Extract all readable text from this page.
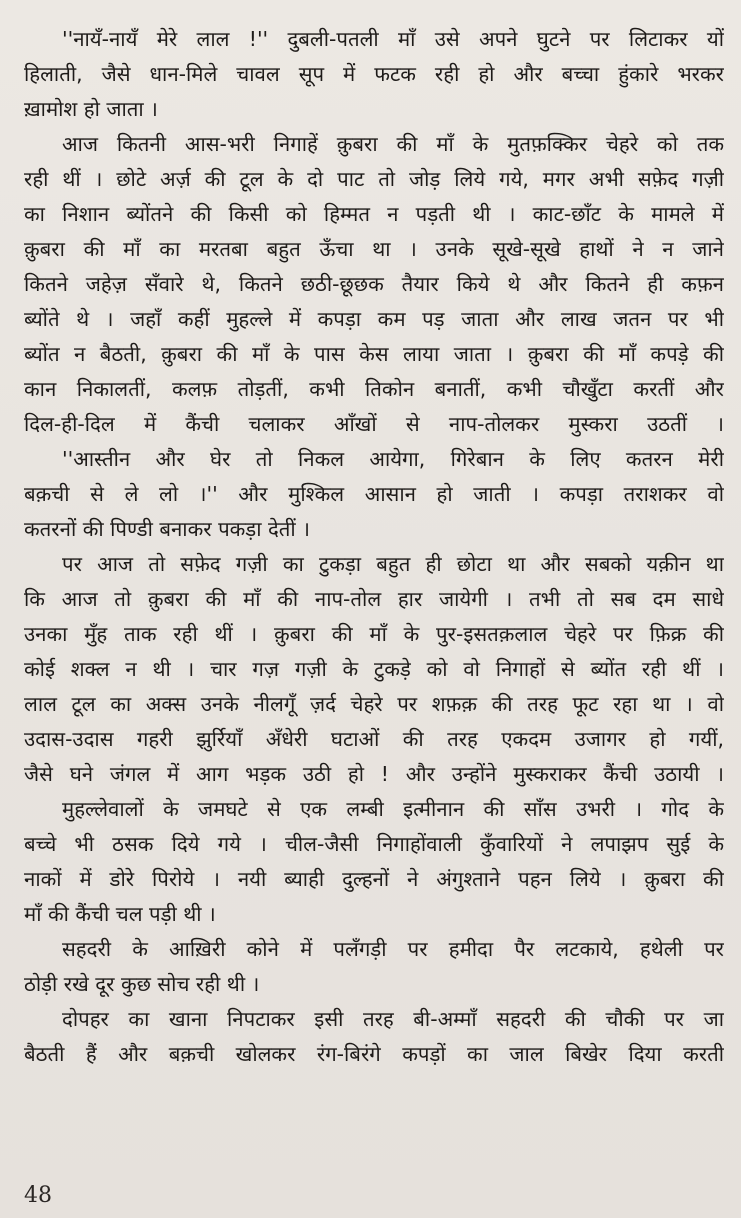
''नायँ-नायँ मेरे लाल !'' दुबली-पतली माँ उसे अपने घुटने पर लिटाकर यों
हिलाती, जैसे धान-मिले चावल सूप में फटक रही हो और बच्चा हुंकारे भरकर
ख़ामोश हो जाता ।
आज कितनी आस-भरी निगाहें क़ुबरा की माँ के मुतफ़क्किर चेहरे को तक
रही थीं । छोटे अर्ज़ की टूल के दो पाट तो जोड़ लिये गये, मगर अभी सफ़ेद गज़ी
का निशान ब्योंतने की किसी को हिम्मत न पड़ती थी । काट-छाँट के मामले में
क़ुबरा की माँ का मरतबा बहुत ऊँचा था । उनके सूखे-सूखे हाथों ने न जाने
कितने जहेज़ सँवारे थे, कितने छठी-छूछक तैयार किये थे और कितने ही कफ़न
ब्योंते थे । जहाँ कहीं मुहल्ले में कपड़ा कम पड़ जाता और लाख जतन पर भी
ब्योंत न बैठती, क़ुबरा की माँ के पास केस लाया जाता । क़ुबरा की माँ कपड़े की
कान निकालतीं, कलफ़ तोड़तीं, कभी तिकोन बनातीं, कभी चौखुँटा करतीं और
दिल-ही-दिल में कैंची चलाकर आँखों से नाप-तोलकर मुस्करा उठतीं ।
''आस्तीन और घेर तो निकल आयेगा, गिरेबान के लिए कतरन मेरी
बक़ची से ले लो ।'' और मुश्किल आसान हो जाती । कपड़ा तराशकर वो
कतरनों की पिण्डी बनाकर पकड़ा देतीं ।
पर आज तो सफ़ेद गज़ी का टुकड़ा बहुत ही छोटा था और सबको यक़ीन था
कि आज तो क़ुबरा की माँ की नाप-तोल हार जायेगी । तभी तो सब दम साधे
उनका मुँह ताक रही थीं । क़ुबरा की माँ के पुर-इसतक़लाल चेहरे पर फ़िक्र की
कोई शक्ल न थी । चार गज़ गज़ी के टुकड़े को वो निगाहों से ब्योंत रही थीं ।
लाल टूल का अक्स उनके नीलगूँ ज़र्द चेहरे पर शफ़क़ की तरह फूट रहा था । वो
उदास-उदास गहरी झुर्रियाँ अँधेरी घटाओं की तरह एकदम उजागर हो गयीं,
जैसे घने जंगल में आग भड़क उठी हो ! और उन्होंने मुस्कराकर कैंची उठायी ।
मुहल्लेवालों के जमघटे से एक लम्बी इत्मीनान की साँस उभरी । गोद के
बच्चे भी ठसक दिये गये । चील-जैसी निगाहोंवाली कुँवारियों ने लपाझप सुई के
नाकों में डोरे पिरोये । नयी ब्याही दुल्हनों ने अंगुश्ताने पहन लिये । क़ुबरा की
माँ की कैंची चल पड़ी थी ।
सहदरी के आख़िरी कोने में पलँगड़ी पर हमीदा पैर लटकाये, हथेली पर
ठोड़ी रखे दूर कुछ सोच रही थी ।
दोपहर का खाना निपटाकर इसी तरह बी-अम्माँ सहदरी की चौकी पर जा
बैठती हैं और बक़ची खोलकर रंग-बिरंगे कपड़ों का जाल बिखेर दिया करती
48
